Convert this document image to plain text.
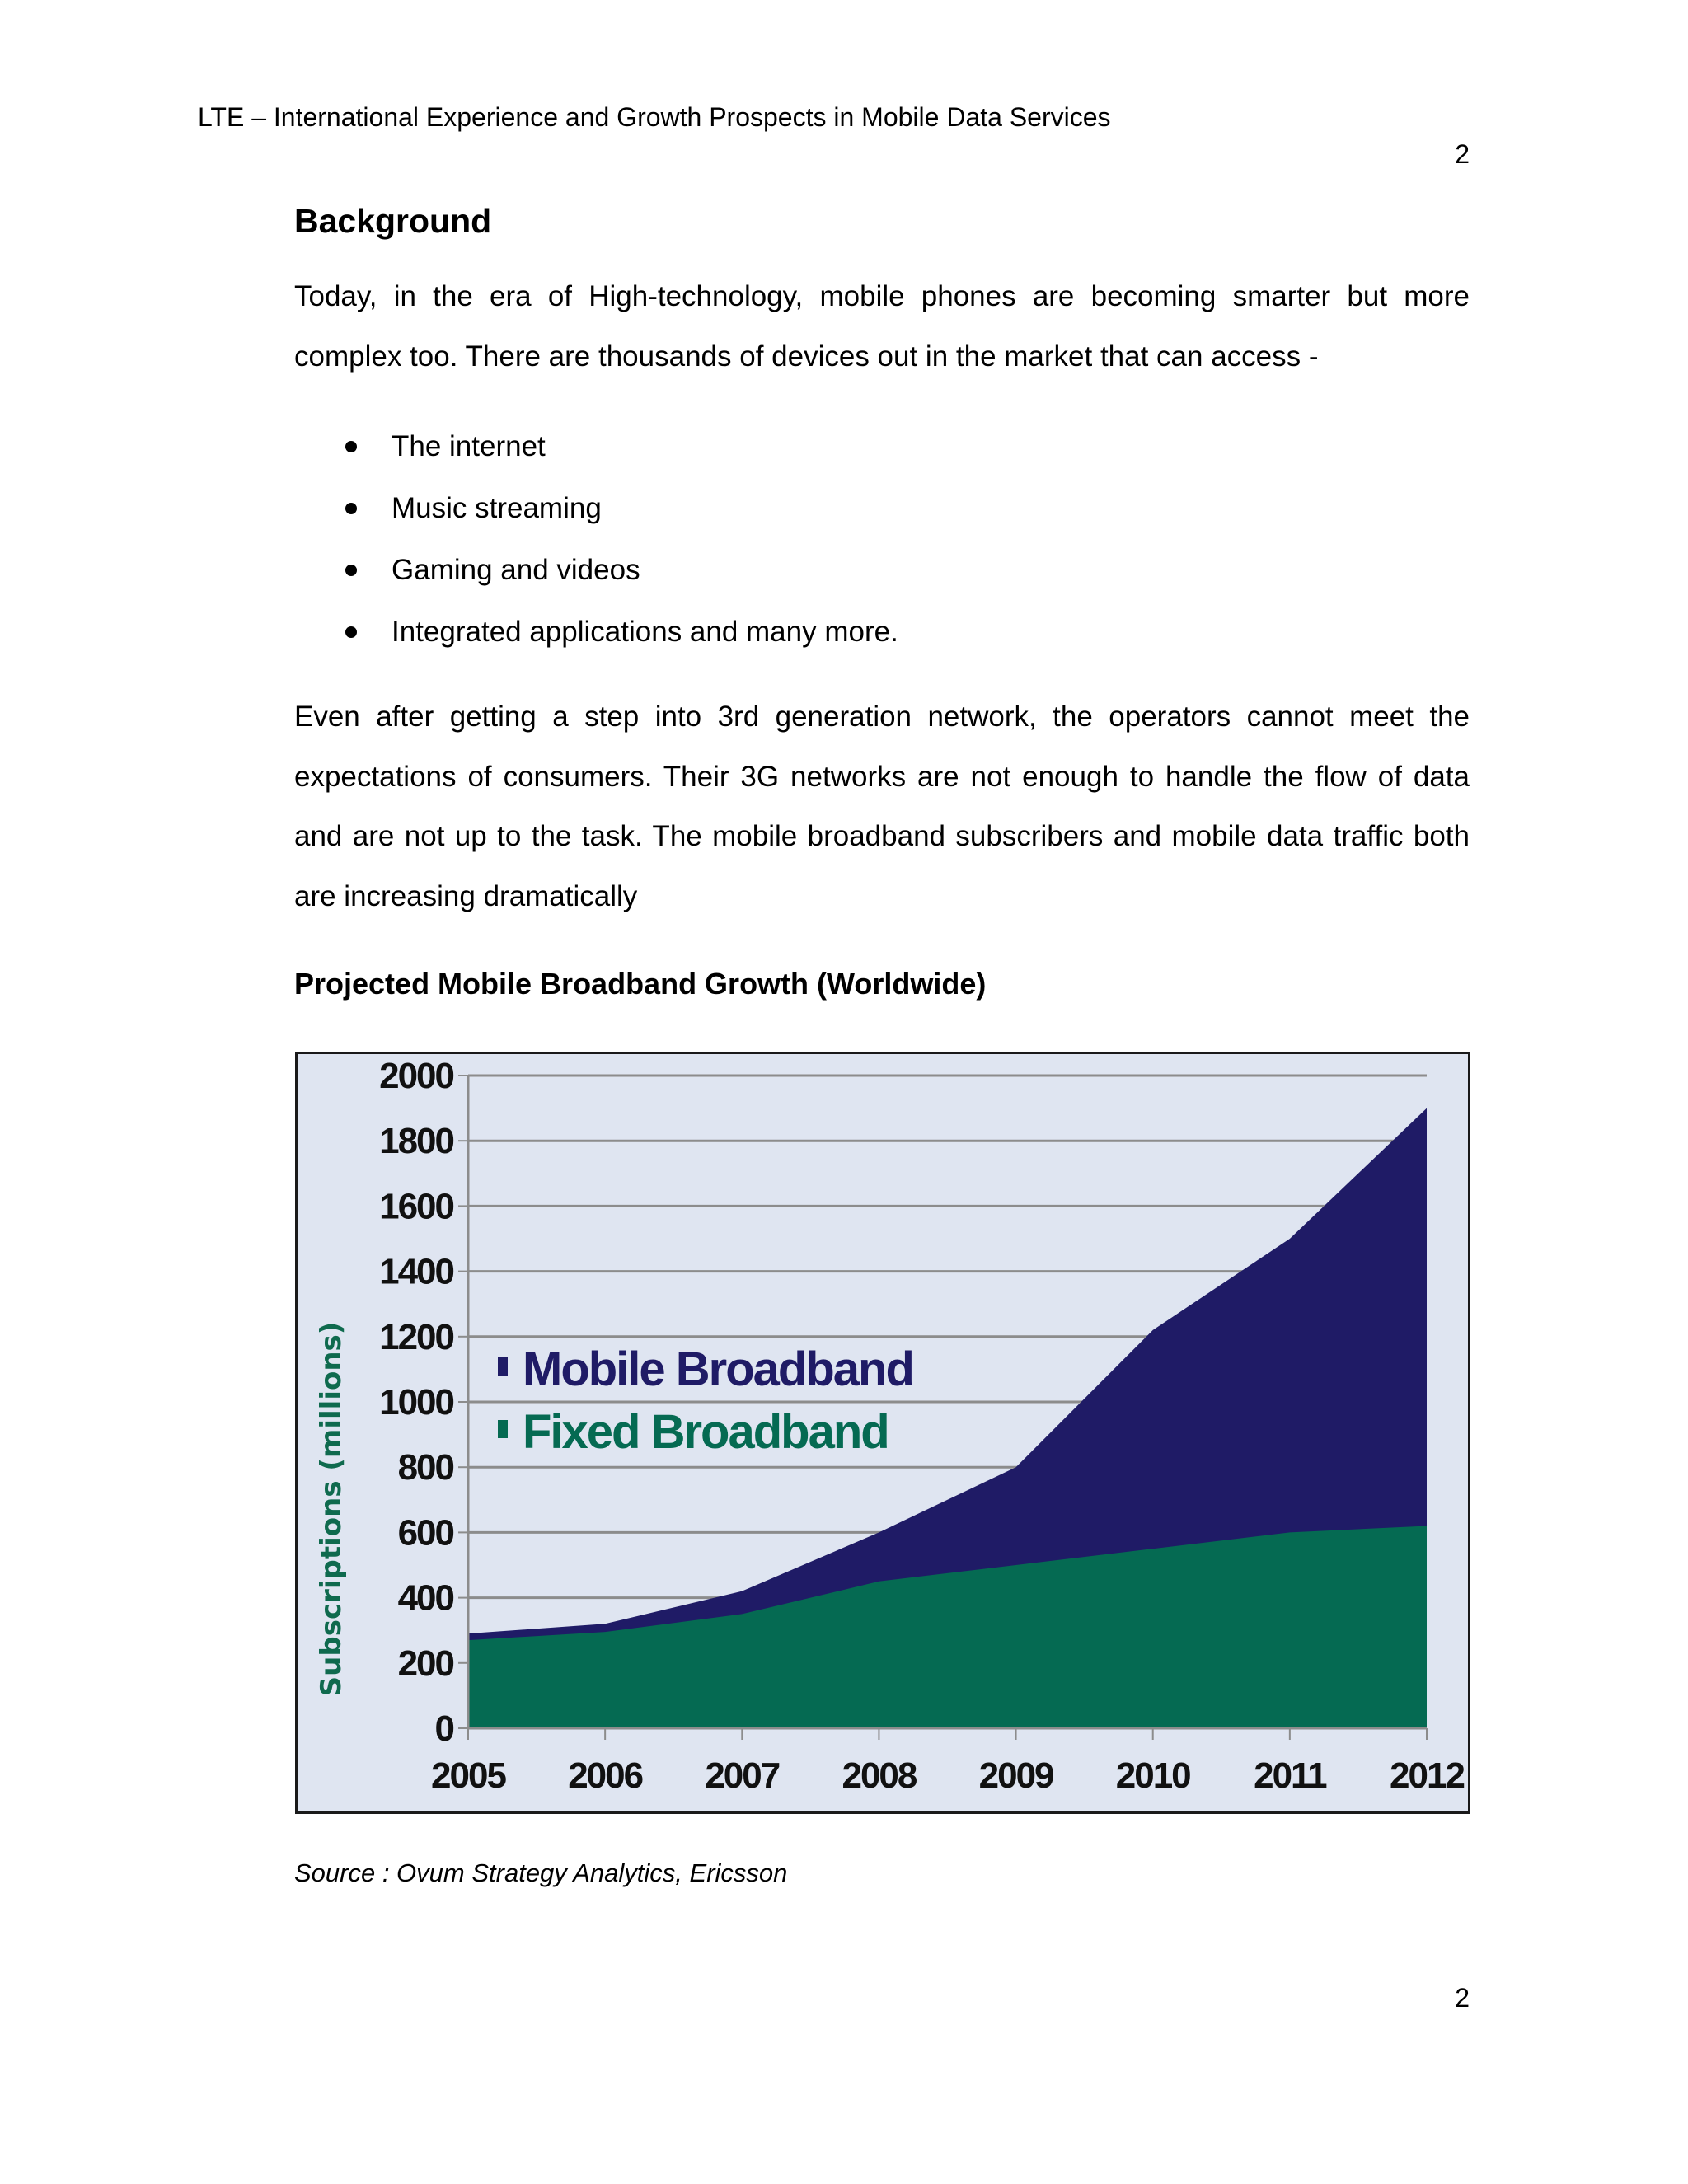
LTE – International Experience and Growth Prospects in Mobile Data Services
2
Background
Today, in the era of High-technology, mobile phones are becoming smarter but more complex too. There are thousands of devices out in the market that can access -
The internet
Music streaming
Gaming and videos
Integrated applications and many more.
Even after getting a step into 3rd generation network, the operators cannot meet the expectations of consumers. Their 3G networks are not enough to handle the flow of data and are not up to the task. The mobile broadband subscribers and mobile data traffic both are increasing dramatically
Projected Mobile Broadband Growth (Worldwide)
0
200
400
600
800
1000
1200
1400
1600
1800
2000
2005 2006 2007 2008 2009 2010 2011 2012
Subscriptions (millions)	Mobile Broadband
Fixed Broadband
Source : Ovum Strategy Analytics, Ericsson
2
